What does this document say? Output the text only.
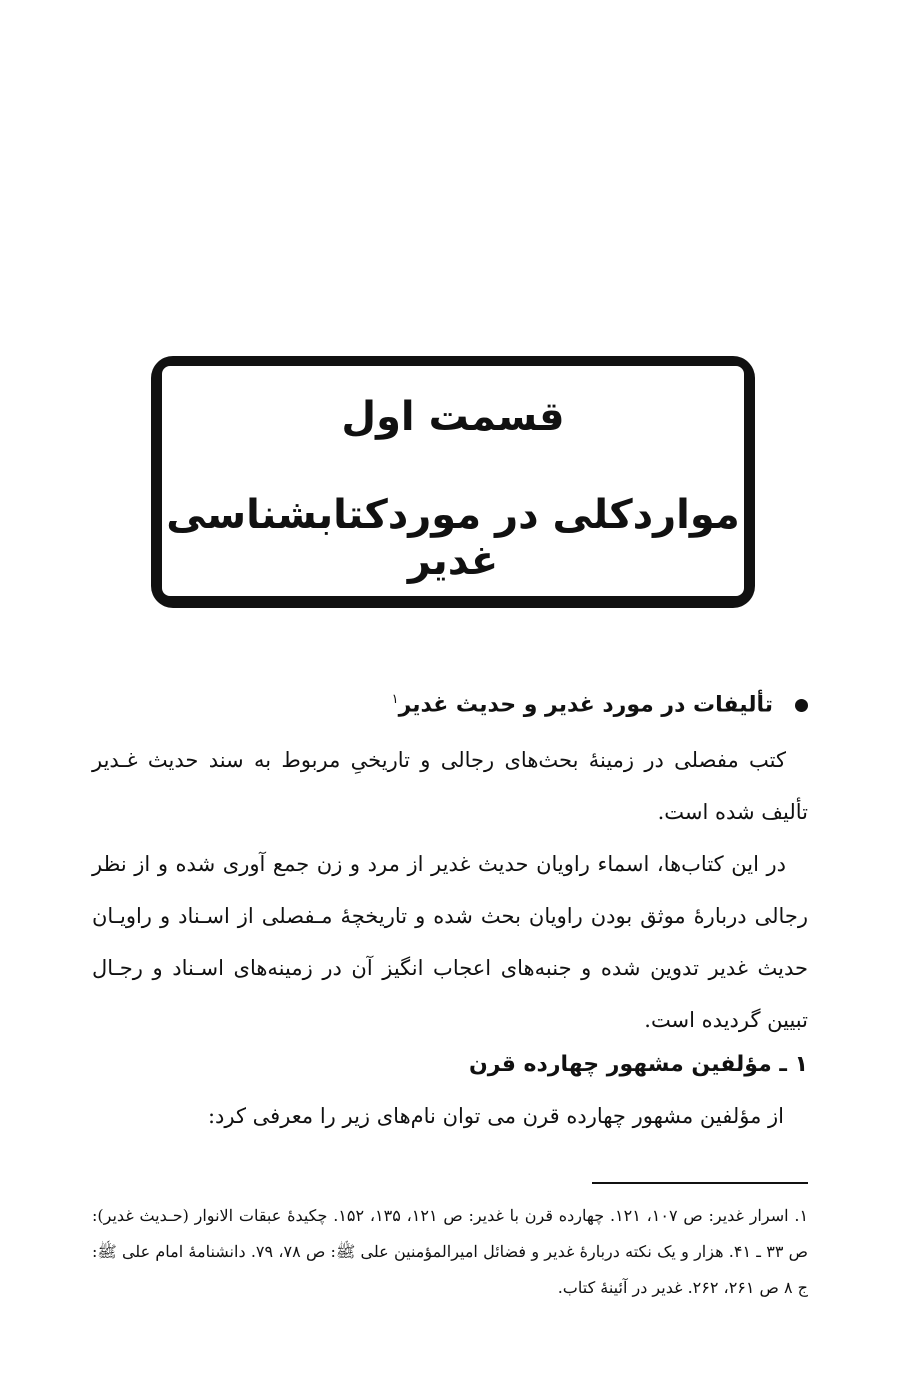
قسمت اول
مواردکلی در موردکتابشناسی غدیر
تألیفات در مورد غدیر و حدیث غدیر$^۱$
کتب مفصلی در زمینهٔ بحث‌های رجالی و تاریخیِ مربوط به سند حدیث غـدیر تألیف شده است.
در این کتاب‌ها، اسماء راویان حدیث غدیر از مرد و زن جمع آوری شده و از نظر رجالی دربارهٔ موثق بودن راویان بحث شده و تاریخچهٔ مـفصلی از اسـناد و راویـان حدیث غدیر تدوین شده و جنبه‌های اعجاب انگیز آن در زمینه‌های اسـناد و رجـال تبیین گردیده است.
۱ ـ مؤلفین مشهور چهارده قرن
از مؤلفین مشهور چهارده قرن می توان نام‌های زیر را معرفی کرد:
۱. اسرار غدیر: ص ۱۰۷، ۱۲۱. چهارده قرن با غدیر: ص ۱۲۱، ۱۳۵، ۱۵۲. چکیدهٔ عبقات الانوار (حـدیث غدیر): ص ۳۳ ـ ۴۱. هزار و یک نکته دربارهٔ غدیر و فضائل امیرالمؤمنین علی ﷺ: ص ۷۸، ۷۹. دانشنامهٔ امام علی ﷺ: ج ۸ ص ۲۶۱، ۲۶۲. غدیر در آئینهٔ کتاب.
